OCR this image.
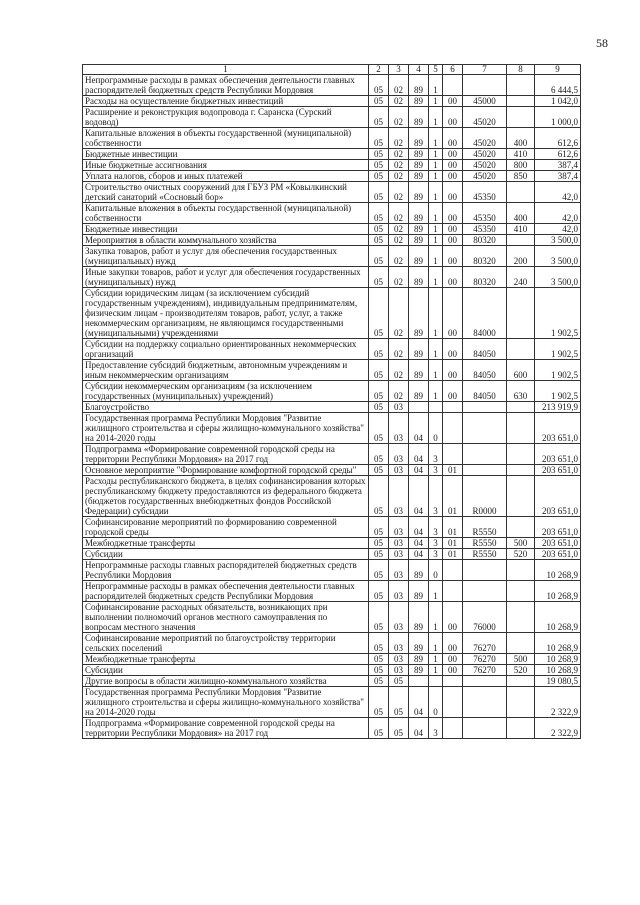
58
1	2	3	4	5	6	7	8	9
Непрограммные расходы в рамках обеспечения деятельности главных распорядителей бюджетных средств Республики Мордовия	05	02	89	1				6 444,5
Расходы на осуществление бюджетных инвестиций	05	02	89	1	00	45000		1 042,0
Расширение и реконструкция водопровода г. Саранска (Сурский водовод)	05	02	89	1	00	45020		1 000,0
Капитальные вложения в объекты государственной (муниципальной) собственности	05	02	89	1	00	45020	400	612,6
Бюджетные инвестиции	05	02	89	1	00	45020	410	612,6
Иные бюджетные ассигнования	05	02	89	1	00	45020	800	387,4
Уплата налогов, сборов и иных платежей	05	02	89	1	00	45020	850	387,4
Строительство очистных сооружений для ГБУЗ РМ «Ковылкинский детский санаторий «Сосновый бор»	05	02	89	1	00	45350		42,0
Капитальные вложения в объекты государственной (муниципальной) собственности	05	02	89	1	00	45350	400	42,0
Бюджетные инвестиции	05	02	89	1	00	45350	410	42,0
Мероприятия в области коммунального хозяйства	05	02	89	1	00	80320		3 500,0
Закупка товаров, работ и услуг для обеспечения государственных (муниципальных) нужд	05	02	89	1	00	80320	200	3 500,0
Иные закупки товаров, работ и услуг для обеспечения государственных (муниципальных) нужд	05	02	89	1	00	80320	240	3 500,0
Субсидии юридическим лицам (за исключением субсидий государственным учреждениям), индивидуальным предпринимателям, физическим лицам - производителям товаров, работ, услуг, а также некоммерческим организациям, не являющимся государственными (муниципальными) учреждениями	05	02	89	1	00	84000		1 902,5
Субсидии на поддержку социально ориентированных некоммерческих организаций	05	02	89	1	00	84050		1 902,5
Предоставление субсидий бюджетным, автономным учреждениям и иным некоммерческим организациям	05	02	89	1	00	84050	600	1 902,5
Субсидии некоммерческим организациям (за исключением государственных (муниципальных) учреждений)	05	02	89	1	00	84050	630	1 902,5
Благоустройство	05	03						213 919,9
Государственная программа Республики Мордовия "Развитие жилищного строительства и сферы жилищно-коммунального хозяйства" на 2014-2020 годы	05	03	04	0				203 651,0
Подпрограмма «Формирование современной городской среды на территории Республики Мордовия» на 2017 год	05	03	04	3				203 651,0
Основное мероприятие "Формирование комфортной городской среды"	05	03	04	3	01			203 651,0
Расходы республиканского бюджета, в целях софинансирования которых республиканскому бюджету предоставляются из федерального бюджета (бюджетов государственных внебюджетных фондов Российской Федерации) субсидии	05	03	04	3	01	R0000		203 651,0
Софинансирование мероприятий по формированию современной городской среды	05	03	04	3	01	R5550		203 651,0
Межбюджетные трансферты	05	03	04	3	01	R5550	500	203 651,0
Субсидии	05	03	04	3	01	R5550	520	203 651,0
Непрограммные расходы главных распорядителей бюджетных средств Республики Мордовия	05	03	89	0				10 268,9
Непрограммные расходы в рамках обеспечения деятельности главных распорядителей бюджетных средств Республики Мордовия	05	03	89	1				10 268,9
Софинансирование расходных обязательств, возникающих при выполнении полномочий органов местного самоуправления по вопросам местного значения	05	03	89	1	00	76000		10 268,9
Софинансирование мероприятий по благоустройству территории сельских поселений	05	03	89	1	00	76270		10 268,9
Межбюджетные трансферты	05	03	89	1	00	76270	500	10 268,9
Субсидии	05	03	89	1	00	76270	520	10 268,9
Другие вопросы в области жилищно-коммунального хозяйства	05	05						19 080,5
Государственная программа Республики Мордовия "Развитие жилищного строительства и сферы жилищно-коммунального хозяйства" на 2014-2020 годы	05	05	04	0				2 322,9
Подпрограмма «Формирование современной городской среды на территории Республики Мордовия» на 2017 год	05	05	04	3				2 322,9
